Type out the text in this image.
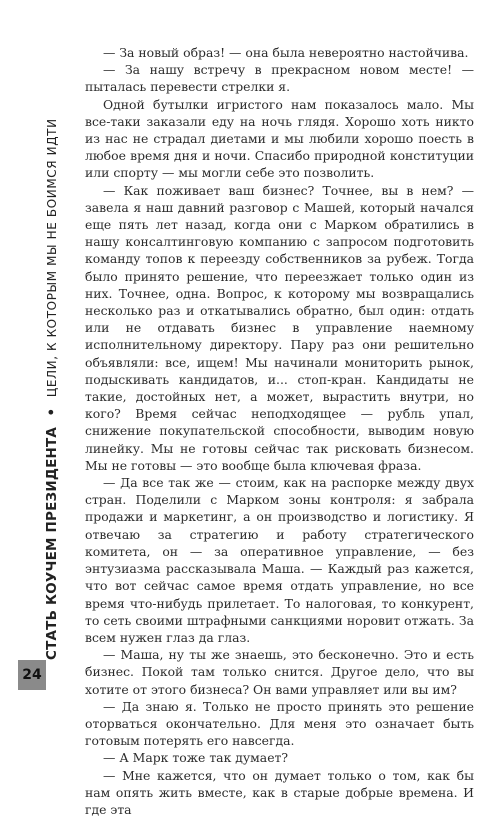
СТАТЬ КОУЧЕМ ПРЕЗИДЕНТА • ЦЕЛИ, К КОТОРЫМ МЫ НЕ БОИМСЯ ИДТИ
24

— За новый образ! — она была невероятно настойчива.

— За нашу встречу в прекрасном новом месте! — пыталась перевести стрелки я.

Одной бутылки игристого нам показалось мало. Мы все-таки заказали еду на ночь глядя. Хорошо хоть никто из нас не страдал диетами и мы любили хорошо поесть в любое время дня и ночи. Спасибо природной конституции или спорту — мы могли себе это позволить.

— Как поживает ваш бизнес? Точнее, вы в нем? — завела я наш давний разговор с Машей, который начался еще пять лет назад, когда они с Марком обратились в нашу консалтинговую компанию с запросом подготовить команду топов к переезду собственников за рубеж. Тогда было принято решение, что переезжает только один из них. Точнее, одна. Вопрос, к которому мы возвращались несколько раз и откатывались обратно, был один: отдать или не отдавать бизнес в управление наемному исполнительному директору. Пару раз они решительно объявляли: все, ищем! Мы начинали мониторить рынок, подыскивать кандидатов, и... стоп-кран. Кандидаты не такие, достойных нет, а может, вырастить внутри, но кого? Время сейчас неподходящее — рубль упал, снижение покупательской способности, выводим новую линейку. Мы не готовы сейчас так рисковать бизнесом. Мы не готовы — это вообще была ключевая фраза.

— Да все так же — стоим, как на распорке между двух стран. Поделили с Марком зоны контроля: я забрала продажи и маркетинг, а он производство и логистику. Я отвечаю за стратегию и работу стратегического комитета, он — за оперативное управление, — без энтузиазма рассказывала Маша. — Каждый раз кажется, что вот сейчас самое время отдать управление, но все время что-нибудь прилетает. То налоговая, то конкурент, то сеть своими штрафными санкциями норовит отжать. За всем нужен глаз да глаз.

— Маша, ну ты же знаешь, это бесконечно. Это и есть бизнес. Покой там только снится. Другое дело, что вы хотите от этого бизнеса? Он вами управляет или вы им?

— Да знаю я. Только не просто принять это решение оторваться окончательно. Для меня это означает быть готовым потерять его навсегда.

— А Марк тоже так думает?

— Мне кажется, что он думает только о том, как бы нам опять жить вместе, как в старые добрые времена. И где эта
